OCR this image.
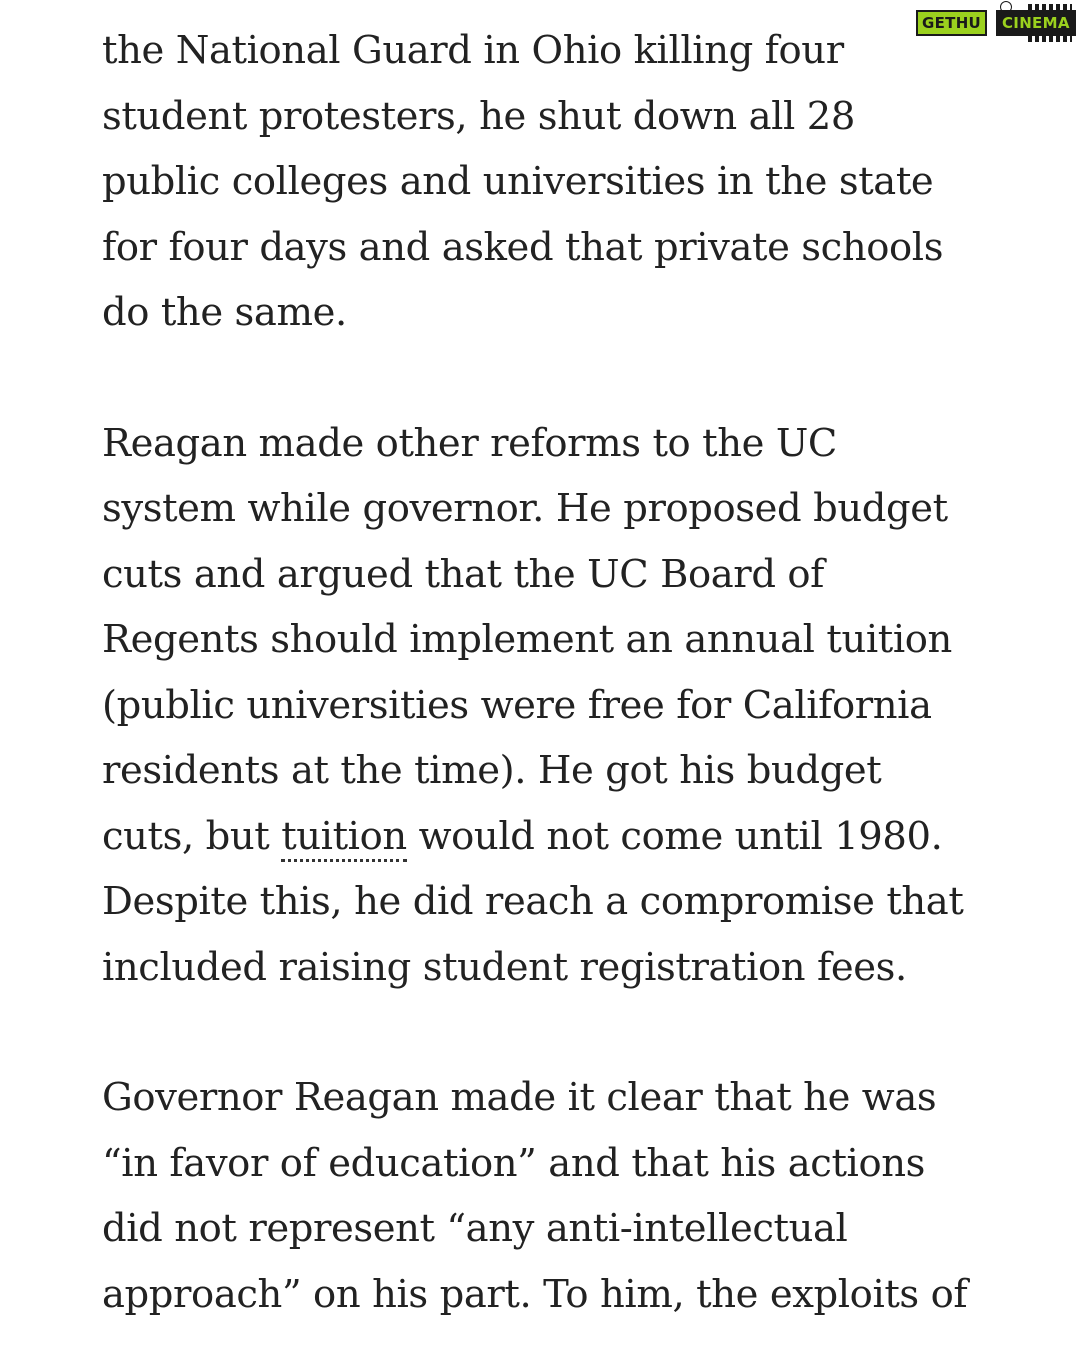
GETHU	CINEMA

the National Guard in Ohio killing four
student protesters, he shut down all 28
public colleges and universities in the state
for four days and asked that private schools
do the same.

Reagan made other reforms to the UC
system while governor. He proposed budget
cuts and argued that the UC Board of
Regents should implement an annual tuition
(public universities were free for California
residents at the time). He got his budget
cuts, but tuition would not come until 1980.
Despite this, he did reach a compromise that
included raising student registration fees.

Governor Reagan made it clear that he was
“in favor of education” and that his actions
did not represent “any anti-intellectual
approach” on his part. To him, the exploits of
